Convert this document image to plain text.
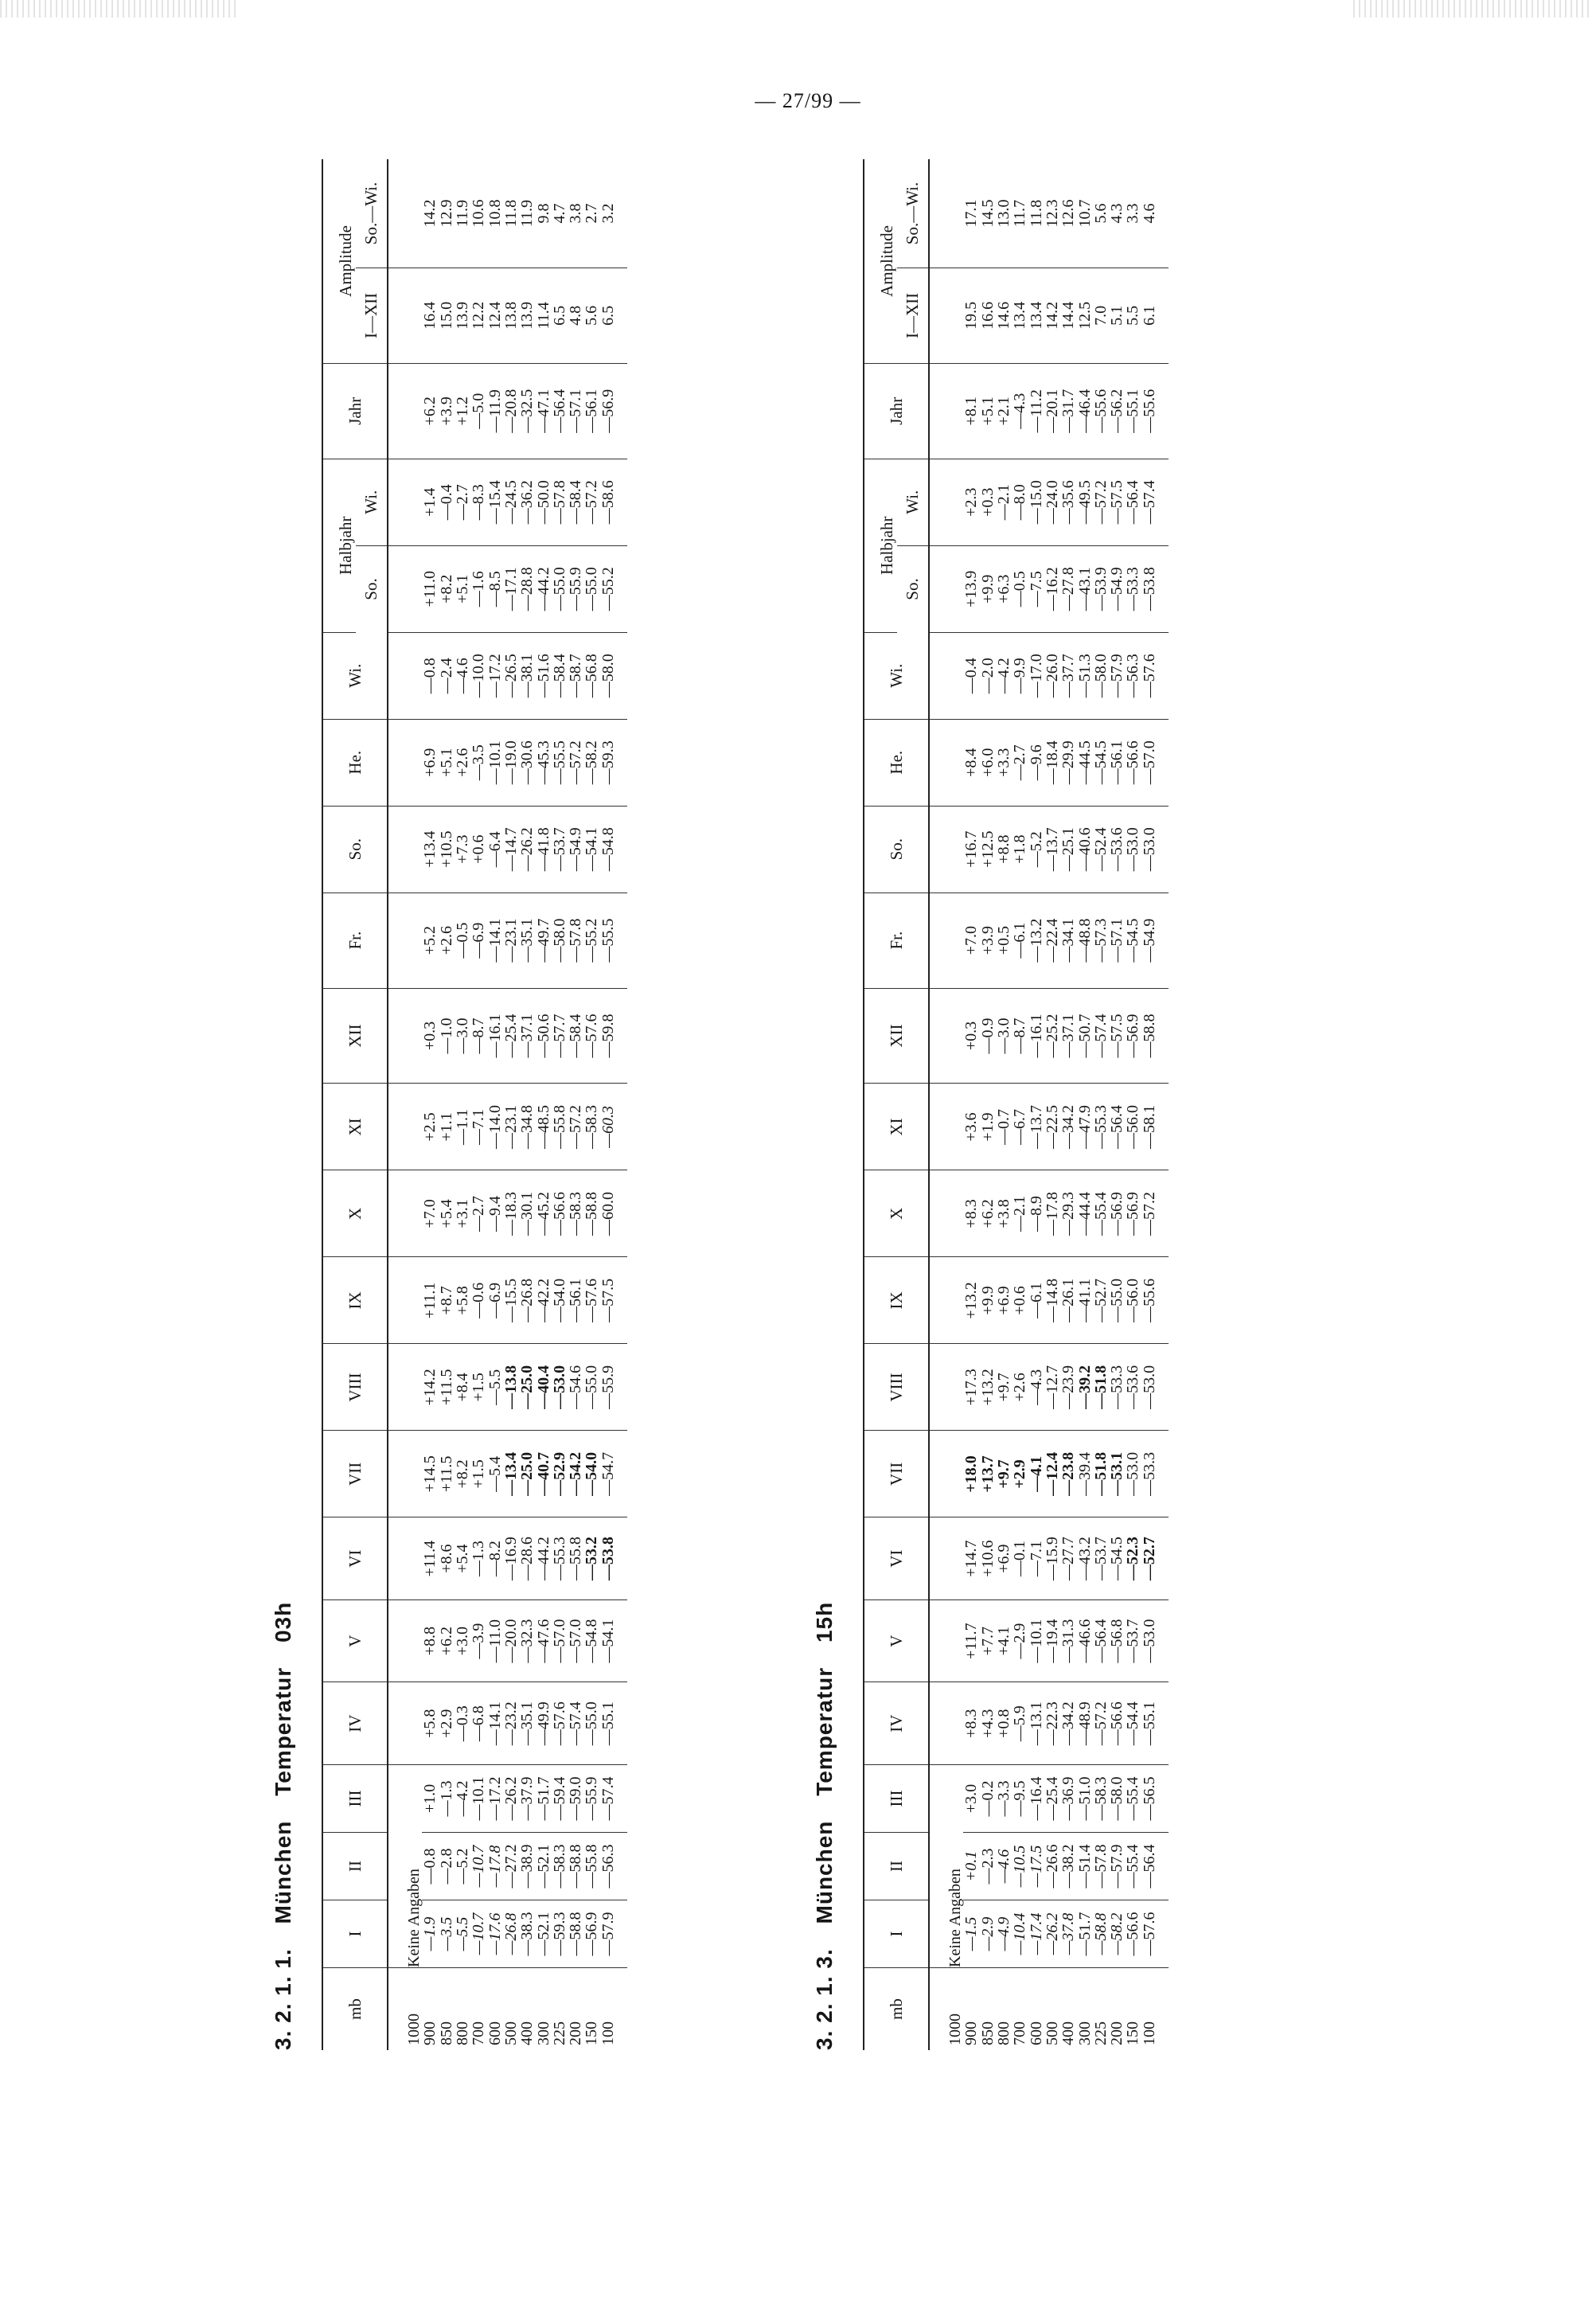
— 27/99 —
3. 2. 1. 1. München Temperatur 03h
mb	I	II	III	IV	V	VI	VII	VIII	IX	X	XI	XII	Fr.	So.	He.	Wi.	Halbjahr		Jahr	Amplitude	
																	So.	Wi.		I—XII	So.—Wi.
1000	Keine Angaben																				
900	—1.9	—0.8	+1.0	+5.8	+8.8	+11.4	+14.5	+14.2	+11.1	+7.0	+2.5	+0.3	+5.2	+13.4	+6.9	—0.8	+11.0	+1.4	+6.2	16.4	14.2
850	—3.5	—2.8	—1.3	+2.9	+6.2	+8.6	+11.5	+11.5	+8.7	+5.4	+1.1	—1.0	+2.6	+10.5	+5.1	—2.4	+8.2	—0.4	+3.9	15.0	12.9
800	—5.5	—5.2	—4.2	—0.3	+3.0	+5.4	+8.2	+8.4	+5.8	+3.1	—1.1	—3.0	—0.5	+7.3	+2.6	—4.6	+5.1	—2.7	+1.2	13.9	11.9
700	—10.7	—10.7	—10.1	—6.8	—3.9	—1.3	+1.5	+1.5	—0.6	—2.7	—7.1	—8.7	—6.9	+0.6	—3.5	—10.0	—1.6	—8.3	—5.0	12.2	10.6
600	—17.6	—17.8	—17.2	—14.1	—11.0	—8.2	—5.4	—5.5	—6.9	—9.4	—14.0	—16.1	—14.1	—6.4	—10.1	—17.2	—8.5	—15.4	—11.9	12.4	10.8
500	—26.8	—27.2	—26.2	—23.2	—20.0	—16.9	—13.4	—13.8	—15.5	—18.3	—23.1	—25.4	—23.1	—14.7	—19.0	—26.5	—17.1	—24.5	—20.8	13.8	11.8
400	—38.3	—38.9	—37.9	—35.1	—32.3	—28.6	—25.0	—25.0	—26.8	—30.1	—34.8	—37.1	—35.1	—26.2	—30.6	—38.1	—28.8	—36.2	—32.5	13.9	11.9
300	—52.1	—52.1	—51.7	—49.9	—47.6	—44.2	—40.7	—40.4	—42.2	—45.2	—48.5	—50.6	—49.7	—41.8	—45.3	—51.6	—44.2	—50.0	—47.1	11.4	9.8
225	—59.3	—58.3	—59.4	—57.6	—57.0	—55.3	—52.9	—53.0	—54.0	—56.6	—55.8	—57.7	—58.0	—53.7	—55.5	—58.4	—55.0	—57.8	—56.4	6.5	4.7
200	—58.8	—58.8	—59.0	—57.4	—57.0	—55.8	—54.2	—54.6	—56.1	—58.3	—57.2	—58.4	—57.8	—54.9	—57.2	—58.7	—55.9	—58.4	—57.1	4.8	3.8
150	—56.9	—55.8	—55.9	—55.0	—54.8	—53.2	—54.0	—55.0	—57.6	—58.8	—58.3	—57.6	—55.2	—54.1	—58.2	—56.8	—55.0	—57.2	—56.1	5.6	2.7
100	—57.9	—56.3	—57.4	—55.1	—54.1	—53.8	—54.7	—55.9	—57.5	—60.0	—60.3	—59.8	—55.5	—54.8	—59.3	—58.0	—55.2	—58.6	—56.9	6.5	3.2
3. 2. 1. 3. München Temperatur 15h
mb	I	II	III	IV	V	VI	VII	VIII	IX	X	XI	XII	Fr.	So.	He.	Wi.	Halbjahr		Jahr	Amplitude	
																	So.	Wi.		I—XII	So.—Wi.
1000	Keine Angaben																				
900	—1.5	+0.1	+3.0	+8.3	+11.7	+14.7	+18.0	+17.3	+13.2	+8.3	+3.6	+0.3	+7.0	+16.7	+8.4	—0.4	+13.9	+2.3	+8.1	19.5	17.1
850	—2.9	—2.3	—0.2	+4.3	+7.7	+10.6	+13.7	+13.2	+9.9	+6.2	+1.9	—0.9	+3.9	+12.5	+6.0	—2.0	+9.9	+0.3	+5.1	16.6	14.5
800	—4.9	—4.6	—3.3	+0.8	+4.1	+6.9	+9.7	+9.7	+6.9	+3.8	—0.7	—3.0	+0.5	+8.8	+3.3	—4.2	+6.3	—2.1	+2.1	14.6	13.0
700	—10.4	—10.5	—9.5	—5.9	—2.9	—0.1	+2.9	+2.6	+0.6	—2.1	—6.7	—8.7	—6.1	+1.8	—2.7	—9.9	—0.5	—8.0	—4.3	13.4	11.7
600	—17.4	—17.5	—16.4	—13.1	—10.1	—7.1	—4.1	—4.3	—6.1	—8.9	—13.7	—16.1	—13.2	—5.2	—9.6	—17.0	—7.5	—15.0	—11.2	13.4	11.8
500	—26.2	—26.6	—25.4	—22.3	—19.4	—15.9	—12.4	—12.7	—14.8	—17.8	—22.5	—25.2	—22.4	—13.7	—18.4	—26.0	—16.2	—24.0	—20.1	14.2	12.3
400	—37.8	—38.2	—36.9	—34.2	—31.3	—27.7	—23.8	—23.9	—26.1	—29.3	—34.2	—37.1	—34.1	—25.1	—29.9	—37.7	—27.8	—35.6	—31.7	14.4	12.6
300	—51.7	—51.4	—51.0	—48.9	—46.6	—43.2	—39.4	—39.2	—41.1	—44.4	—47.9	—50.7	—48.8	—40.6	—44.5	—51.3	—43.1	—49.5	—46.4	12.5	10.7
225	—58.8	—57.8	—58.3	—57.2	—56.4	—53.7	—51.8	—51.8	—52.7	—55.4	—55.3	—57.4	—57.3	—52.4	—54.5	—58.0	—53.9	—57.2	—55.6	7.0	5.6
200	—58.2	—57.9	—58.0	—56.6	—56.8	—54.5	—53.1	—53.3	—55.0	—56.9	—56.4	—57.5	—57.1	—53.6	—56.1	—57.9	—54.9	—57.5	—56.2	5.1	4.3
150	—56.6	—55.4	—55.4	—54.4	—53.7	—52.3	—53.0	—53.6	—56.0	—56.9	—56.0	—56.9	—54.5	—53.0	—56.6	—56.3	—53.3	—56.4	—55.1	5.5	3.3
100	—57.6	—56.4	—56.5	—55.1	—53.0	—52.7	—53.3	—53.0	—55.6	—57.2	—58.1	—58.8	—54.9	—53.0	—57.0	—57.6	—53.8	—57.4	—55.6	6.1	4.6
